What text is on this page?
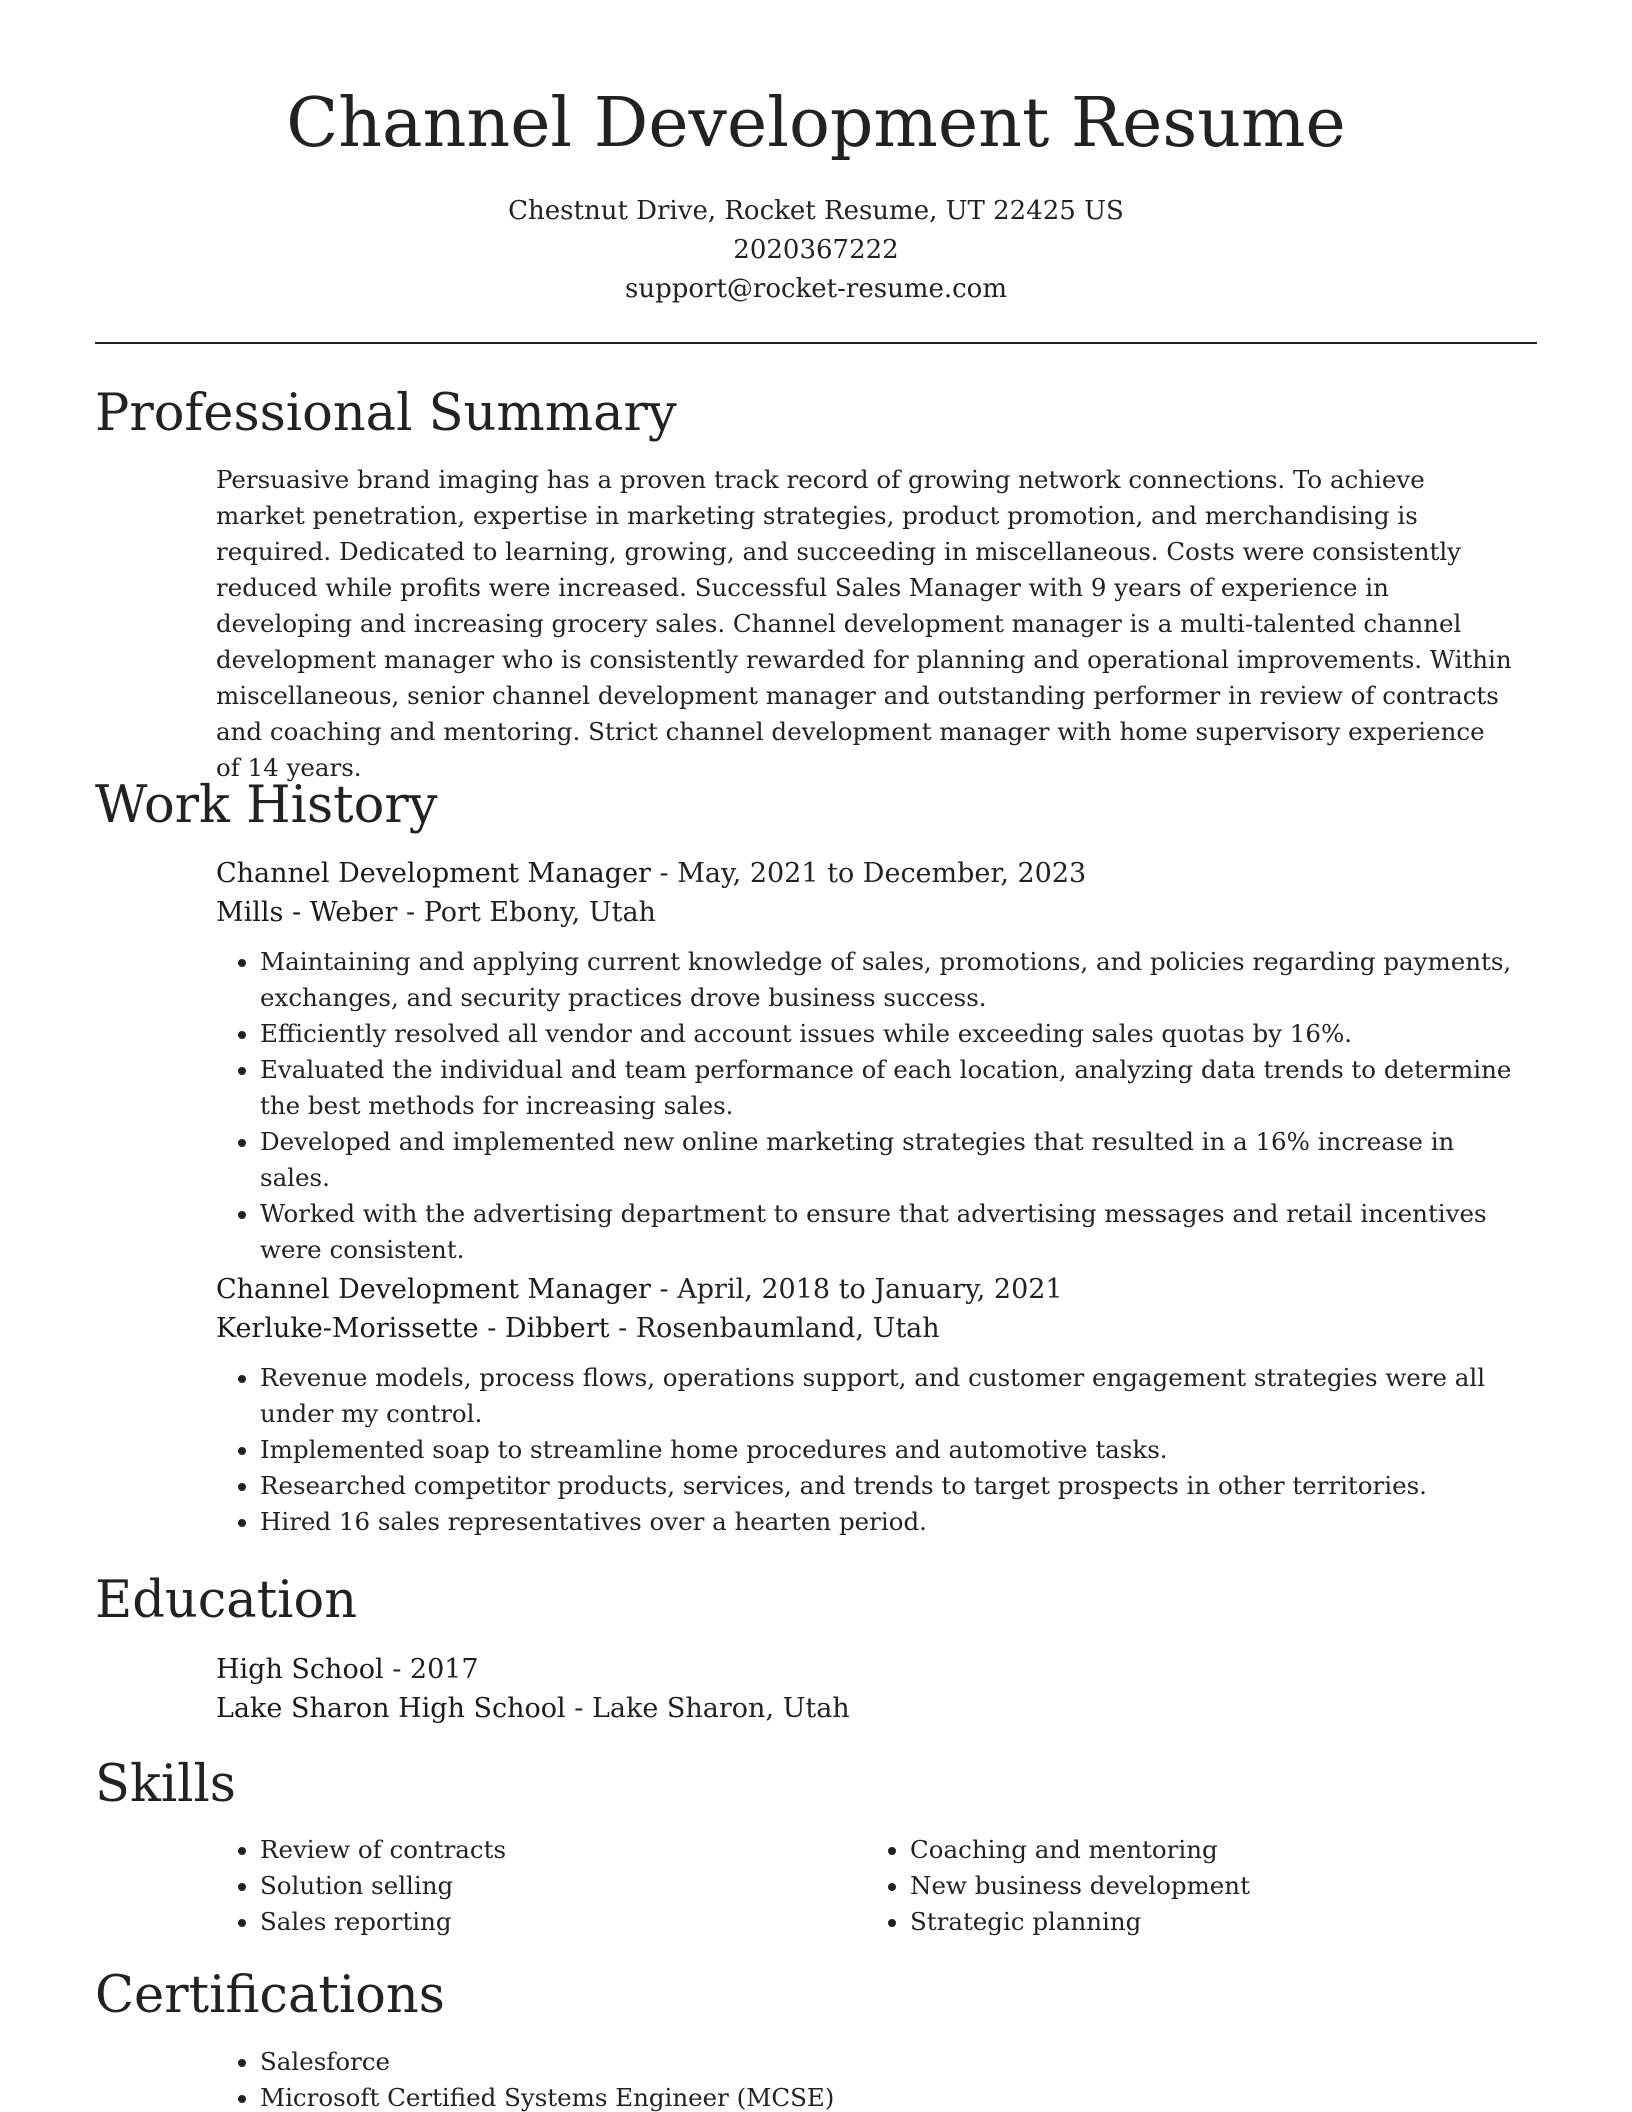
Channel Development Resume
Chestnut Drive, Rocket Resume, UT 22425 US
2020367222
support@rocket-resume.com
Professional Summary
Persuasive brand imaging has a proven track record of growing network connections. To achieve market penetration, expertise in marketing strategies, product promotion, and merchandising is required. Dedicated to learning, growing, and succeeding in miscellaneous. Costs were consistently reduced while profits were increased. Successful Sales Manager with 9 years of experience in developing and increasing grocery sales. Channel development manager is a multi-talented channel development manager who is consistently rewarded for planning and operational improvements. Within miscellaneous, senior channel development manager and outstanding performer in review of contracts and coaching and mentoring. Strict channel development manager with home supervisory experience of 14 years.
Work History
Channel Development Manager - May, 2021 to December, 2023
Mills - Weber - Port Ebony, Utah
• Maintaining and applying current knowledge of sales, promotions, and policies regarding payments, exchanges, and security practices drove business success.
• Efficiently resolved all vendor and account issues while exceeding sales quotas by 16%.
• Evaluated the individual and team performance of each location, analyzing data trends to determine the best methods for increasing sales.
• Developed and implemented new online marketing strategies that resulted in a 16% increase in sales.
• Worked with the advertising department to ensure that advertising messages and retail incentives were consistent.
Channel Development Manager - April, 2018 to January, 2021
Kerluke-Morissette - Dibbert - Rosenbaumland, Utah
• Revenue models, process flows, operations support, and customer engagement strategies were all under my control.
• Implemented soap to streamline home procedures and automotive tasks.
• Researched competitor products, services, and trends to target prospects in other territories.
• Hired 16 sales representatives over a hearten period.
Education
High School - 2017
Lake Sharon High School - Lake Sharon, Utah
Skills
• Review of contracts
• Solution selling
• Sales reporting
• Coaching and mentoring
• New business development
• Strategic planning
Certifications
• Salesforce
• Microsoft Certified Systems Engineer (MCSE)
